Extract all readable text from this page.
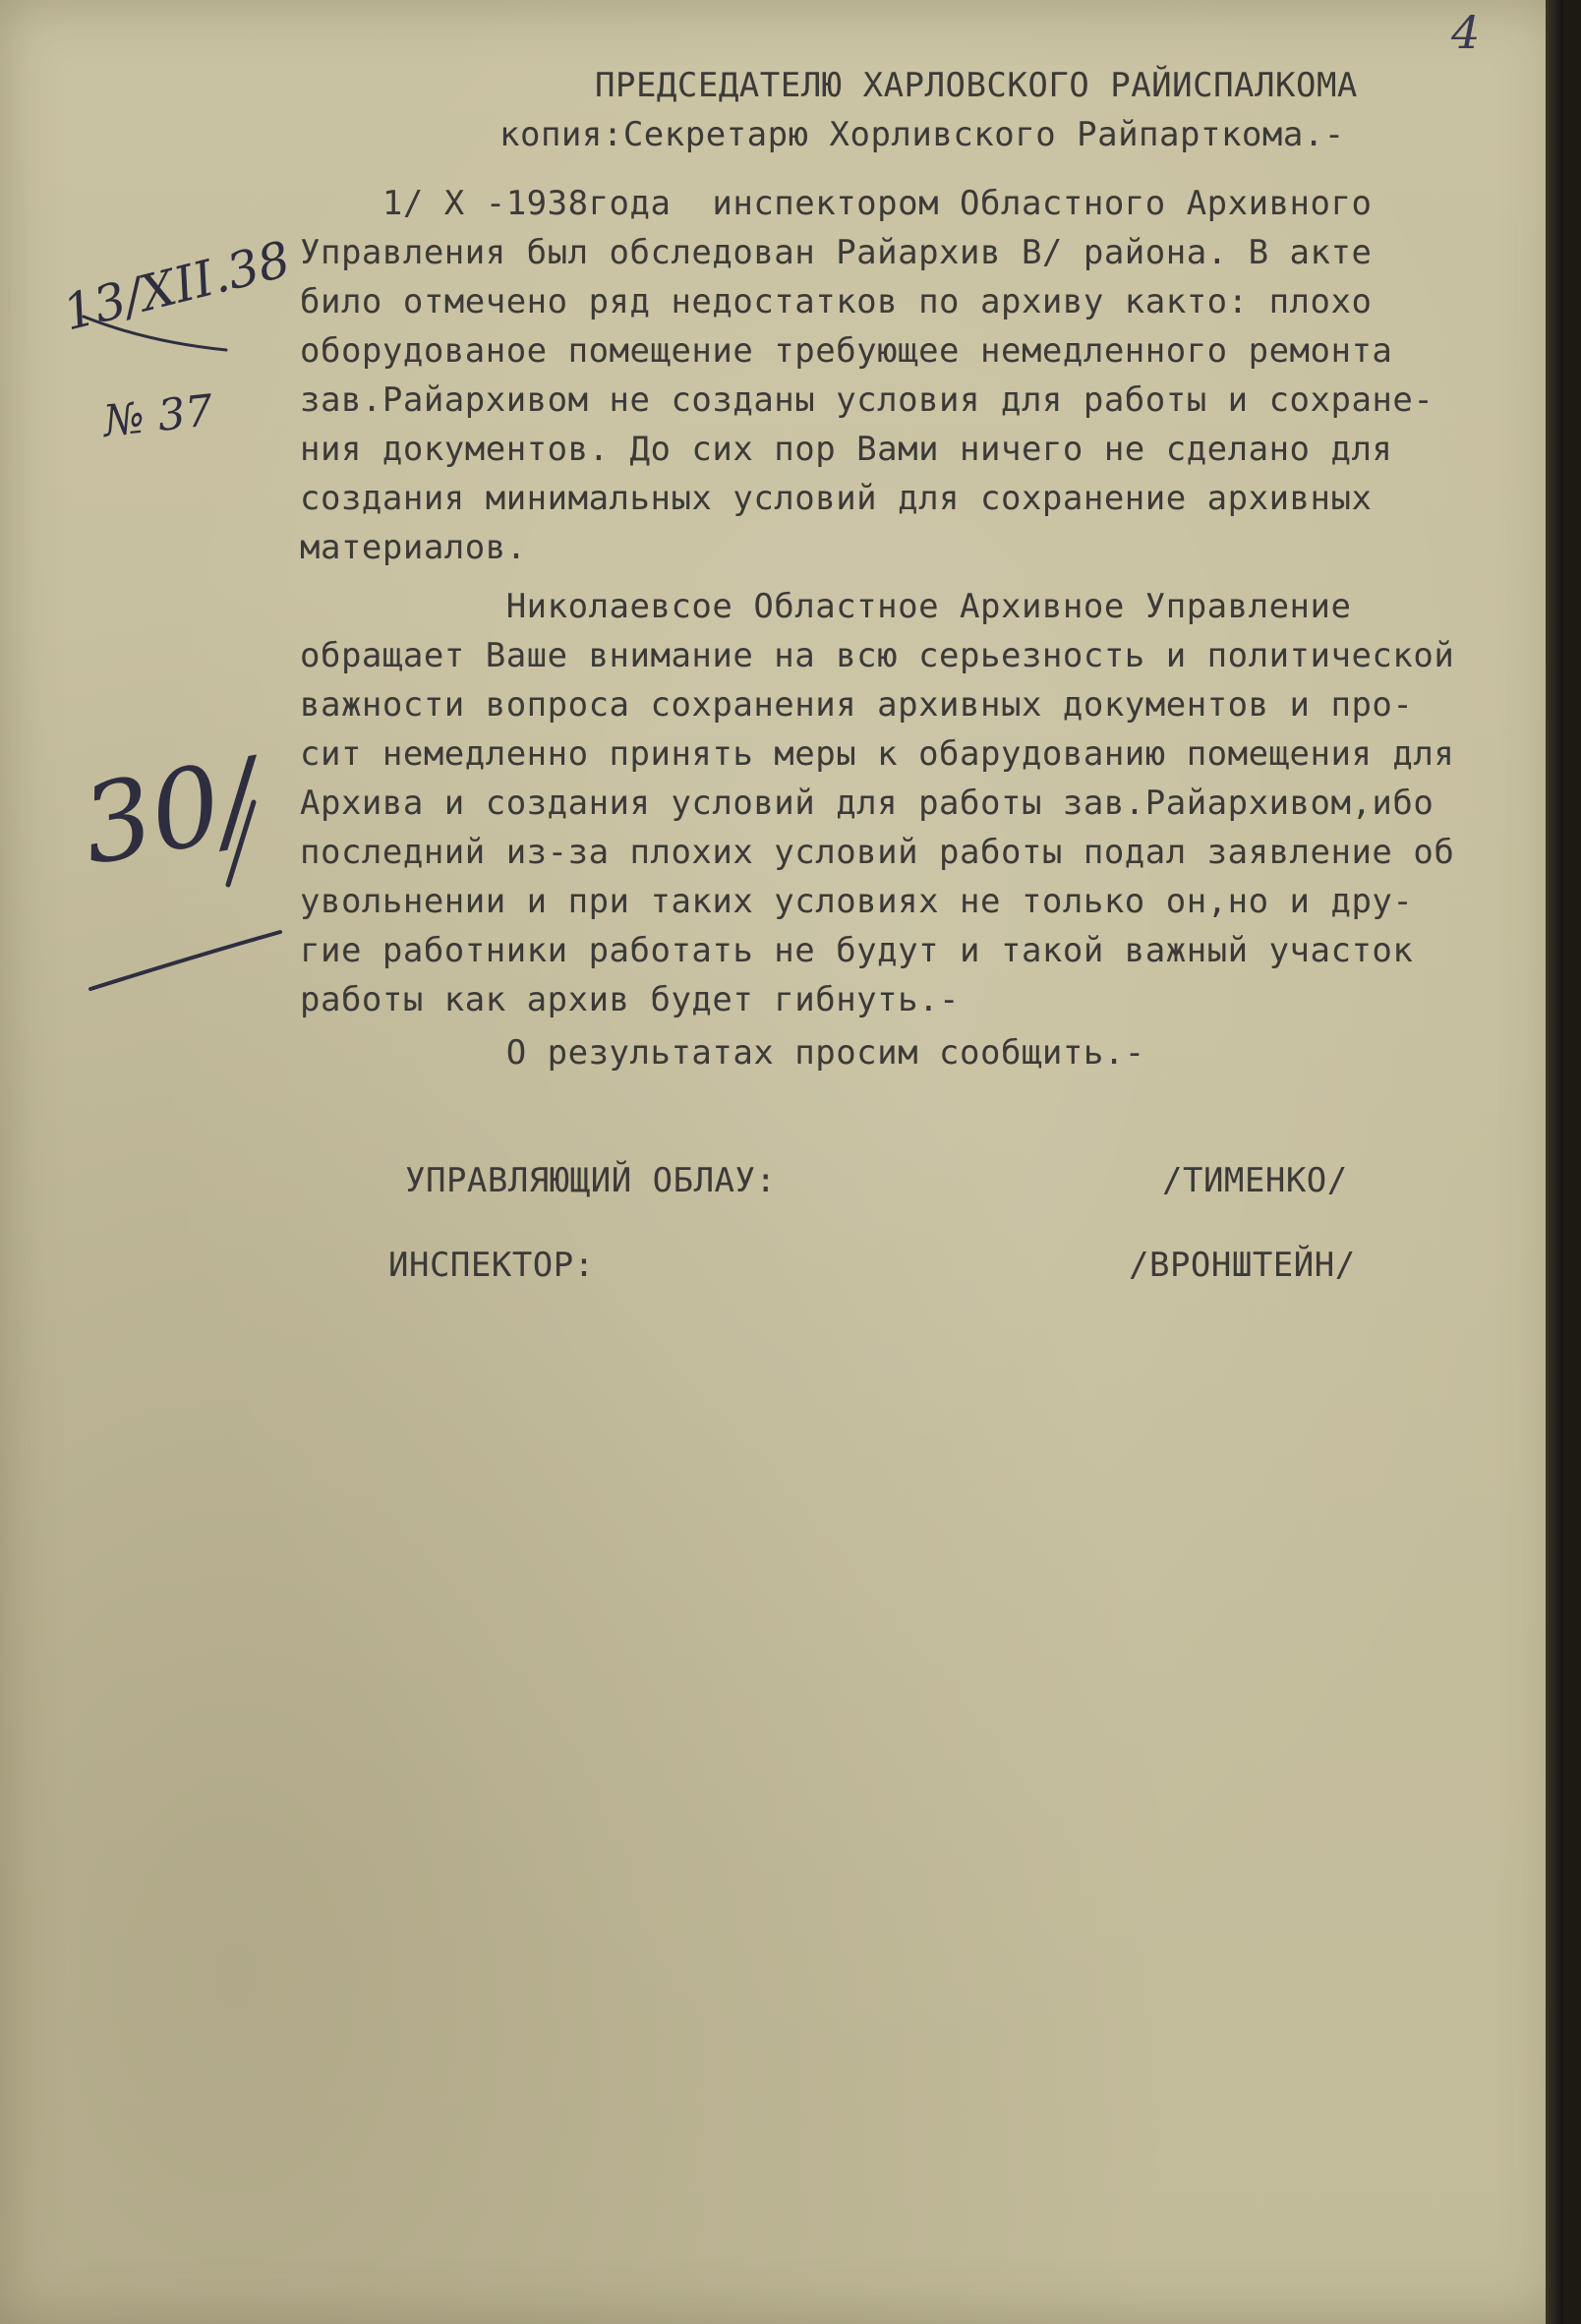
4
ПРЕДСЕДАТЕЛЮ ХАРЛОВСКОГО РАЙИСПАЛКОМА
копия:Секретарю Хорливского Райпарткома.-
1/ Х -1938года  инспектором Областного Архивного
Управления был обследован Райархив В/ района. В акте
било отмечено ряд недостатков по архиву както: плохо
оборудованое помещение требующее немедленного ремонта
зав.Райархивом не созданы условия для работы и сохране-
ния документов. До сих пор Вами ничего не сделано для
создания минимальных условий для сохранение архивных
материалов.
Николаевсое Областное Архивное Управление
обращает Ваше внимание на всю серьезность и политической
важности вопроса сохранения архивных документов и про-
сит немедленно принять меры к обарудованию помещения для
Архива и создания условий для работы зав.Райархивом,ибо
последний из-за плохих условий работы подал заявление об
увольнении и при таких условиях не только он,но и дру-
гие работники работать не будут и такой важный участок
работы как архив будет гибнуть.-
О результатах просим сообщить.-
УПРАВЛЯЮЩИЙ ОБЛАУ:	/ТИМЕНКО/
ИНСПЕКТОР:	/ВРОНШТЕЙН/
13/XII.38
№ 37
30/
